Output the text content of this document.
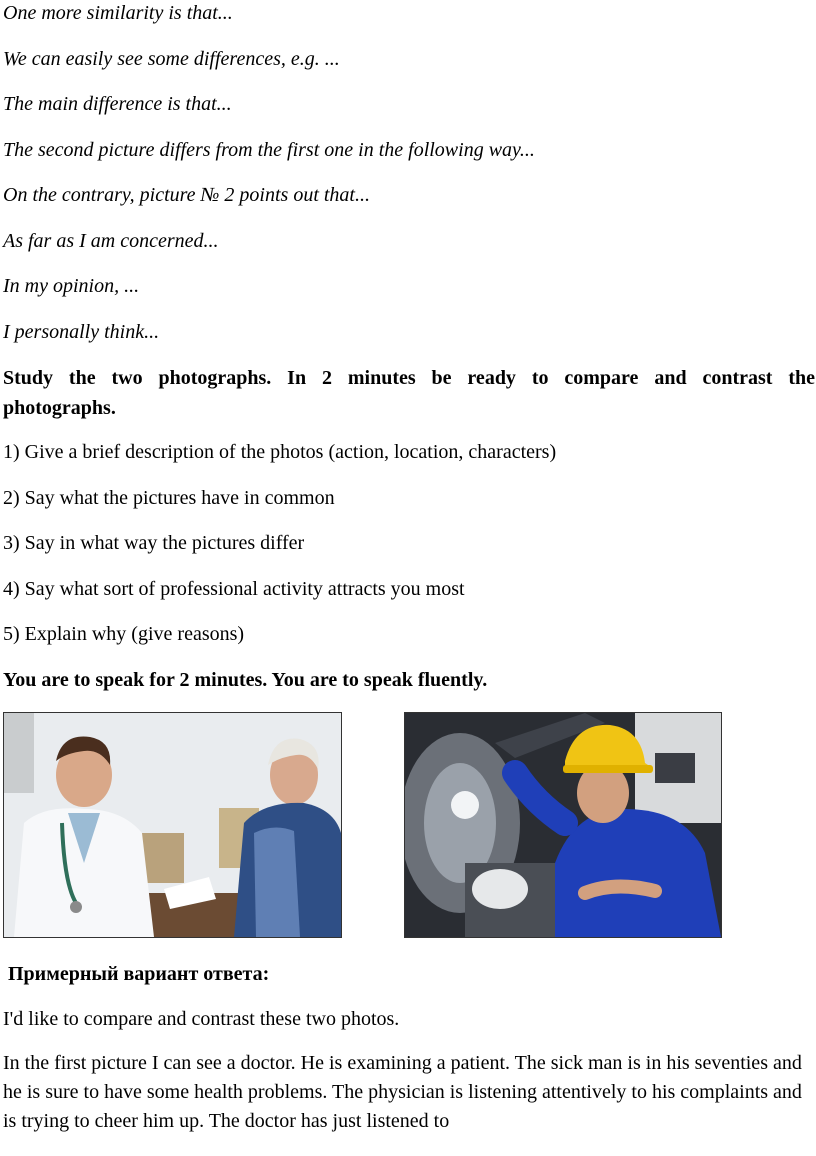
One more similarity is that...
We can easily see some differences, e.g. ...
The main difference is that...
The second picture differs from the first one in the following way...
On the contrary, picture № 2 points out that...
As far as I am concerned...
In my opinion, ...
I personally think...
Study the two photographs. In 2 minutes be ready to compare and contrast the
photographs.
1) Give a brief description of the photos (action, location, characters)
2) Say what the pictures have in common
3) Say in what way the pictures differ
4) Say what sort of professional activity attracts you most
5) Explain why (give reasons)
You are to speak for 2 minutes. You are to speak fluently.
Примерный вариант ответа:
I'd like to compare and contrast these two photos.
In the first picture I can see a doctor. He is examining a patient. The sick man is in his seventies and he is sure to have some health problems. The physician is listening attentively to his complaints and is trying to cheer him up. The doctor has just listened to
